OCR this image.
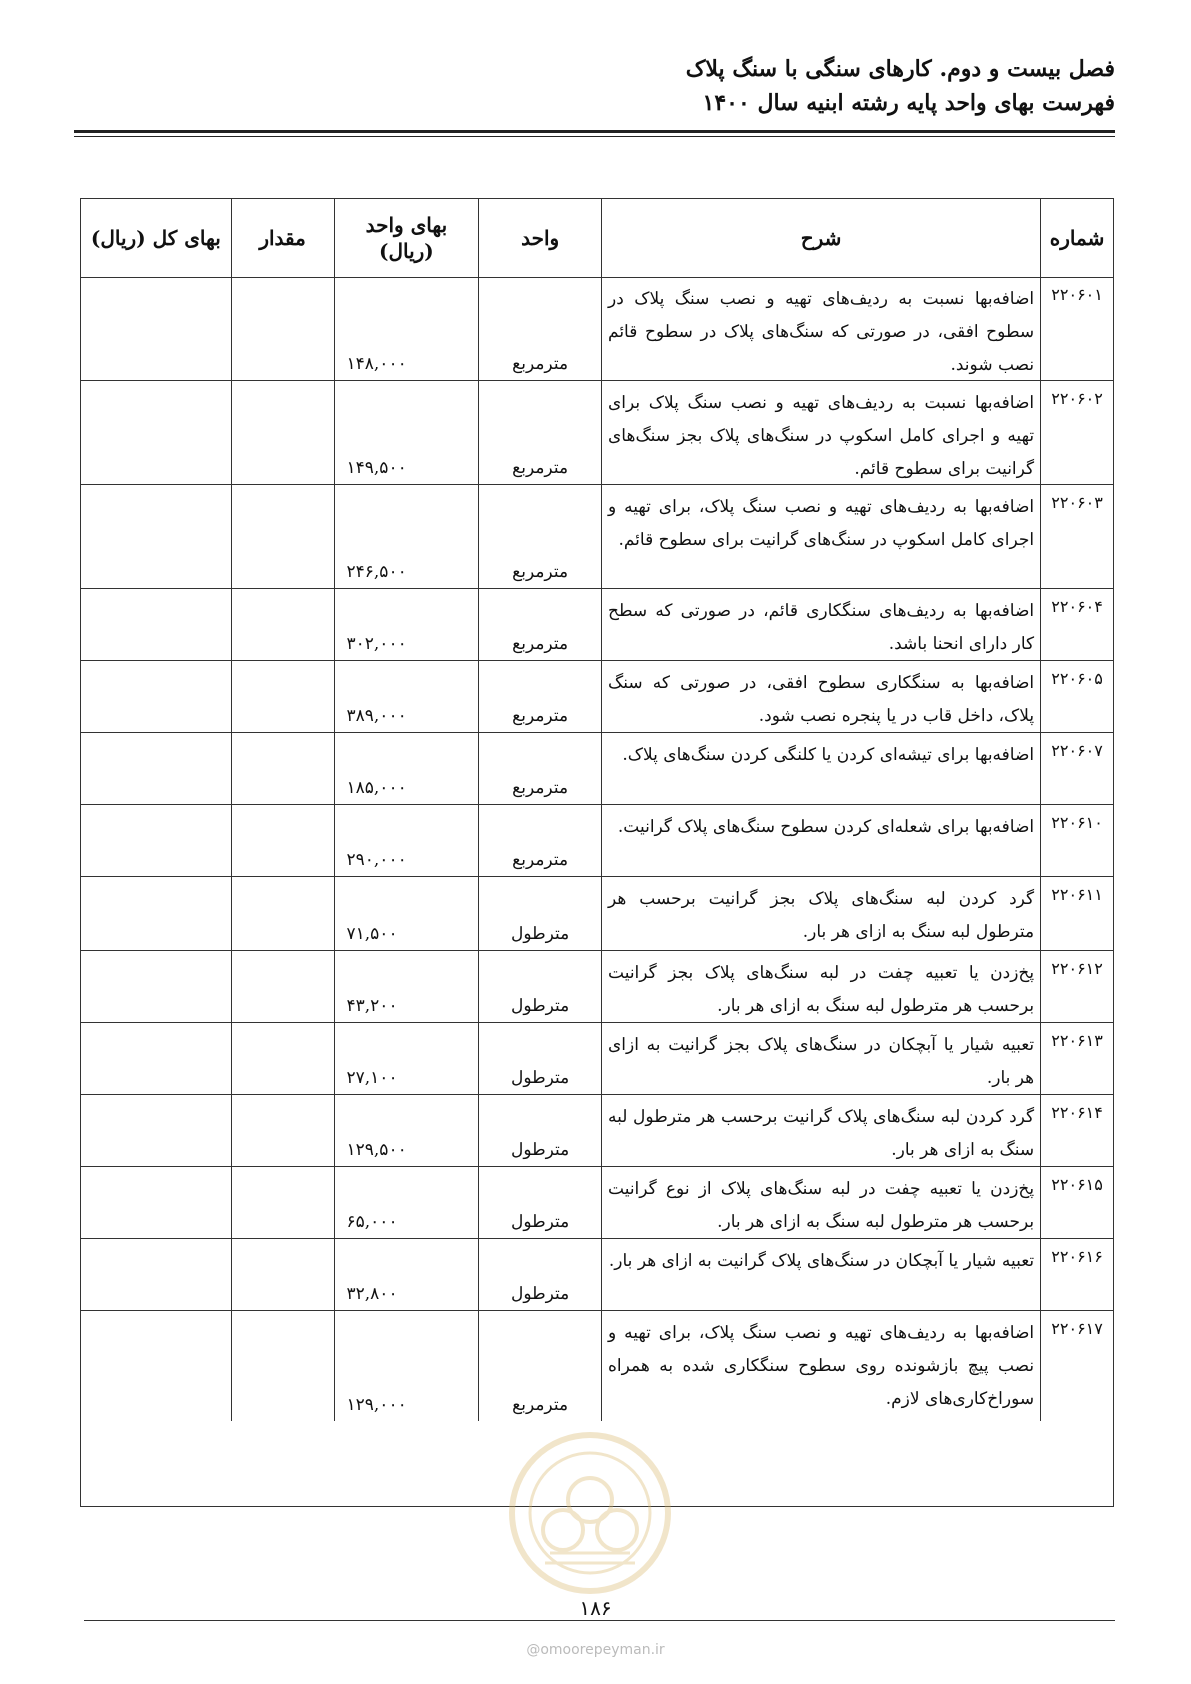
فصل بیست و دوم. کارهای سنگی با سنگ پلاک
فهرست بهای واحد پایه رشته ابنیه سال ۱۴۰۰
شماره
شرح
واحد
بهای واحد
(ریال)
مقدار
بهای کل (ریال)
۲۲۰۶۰۱
اضافه‌بها نسبت به ردیف‌های تهیه و نصب سنگ پلاک در سطوح افقی، در صورتی که سنگ‌های پلاک در سطوح قائم نصب شوند.
مترمربع
۱۴۸,۰۰۰
۲۲۰۶۰۲
اضافه‌بها نسبت به ردیف‌های تهیه و نصب سنگ پلاک برای تهیه و اجرای کامل اسکوپ در سنگ‌های پلاک بجز سنگ‌های گرانیت برای سطوح قائم.
مترمربع
۱۴۹,۵۰۰
۲۲۰۶۰۳
اضافه‌بها به ردیف‌های تهیه و نصب سنگ پلاک، برای تهیه و اجرای کامل اسکوپ در سنگ‌های گرانیت برای سطوح قائم.
مترمربع
۲۴۶,۵۰۰
۲۲۰۶۰۴
اضافه‌بها به ردیف‌های سنگکاری قائم، در صورتی که سطح کار دارای انحنا باشد.
مترمربع
۳۰۲,۰۰۰
۲۲۰۶۰۵
اضافه‌بها به سنگکاری سطوح افقی، در صورتی که سنگ پلاک، داخل قاب در یا پنجره نصب شود.
مترمربع
۳۸۹,۰۰۰
۲۲۰۶۰۷
اضافه‌بها برای تیشه‌ای کردن یا کلنگی کردن سنگ‌های پلاک.
مترمربع
۱۸۵,۰۰۰
۲۲۰۶۱۰
اضافه‌بها برای شعله‌ای کردن سطوح سنگ‌های پلاک گرانیت.
مترمربع
۲۹۰,۰۰۰
۲۲۰۶۱۱
گرد کردن لبه سنگ‌های پلاک بجز گرانیت برحسب هر مترطول لبه سنگ به ازای هر بار.
مترطول
۷۱,۵۰۰
۲۲۰۶۱۲
پخ‌زدن یا تعبیه چفت در لبه سنگ‌های پلاک بجز گرانیت برحسب هر مترطول لبه سنگ به ازای هر بار.
مترطول
۴۳,۲۰۰
۲۲۰۶۱۳
تعبیه شیار یا آبچکان در سنگ‌های پلاک بجز گرانیت به ازای هر بار.
مترطول
۲۷,۱۰۰
۲۲۰۶۱۴
گرد کردن لبه سنگ‌های پلاک گرانیت برحسب هر مترطول لبه سنگ به ازای هر بار.
مترطول
۱۲۹,۵۰۰
۲۲۰۶۱۵
پخ‌زدن یا تعبیه چفت در لبه سنگ‌های پلاک از نوع گرانیت برحسب هر مترطول لبه سنگ به ازای هر بار.
مترطول
۶۵,۰۰۰
۲۲۰۶۱۶
تعبیه شیار یا آبچکان در سنگ‌های پلاک گرانیت به ازای هر بار.
مترطول
۳۲,۸۰۰
۲۲۰۶۱۷
اضافه‌بها به ردیف‌های تهیه و نصب سنگ پلاک، برای تهیه و نصب پیچ بازشونده روی سطوح سنگکاری شده به همراه سوراخ‌کاری‌های لازم.
مترمربع
۱۲۹,۰۰۰
۱۸۶
@omoorepeyman.ir
